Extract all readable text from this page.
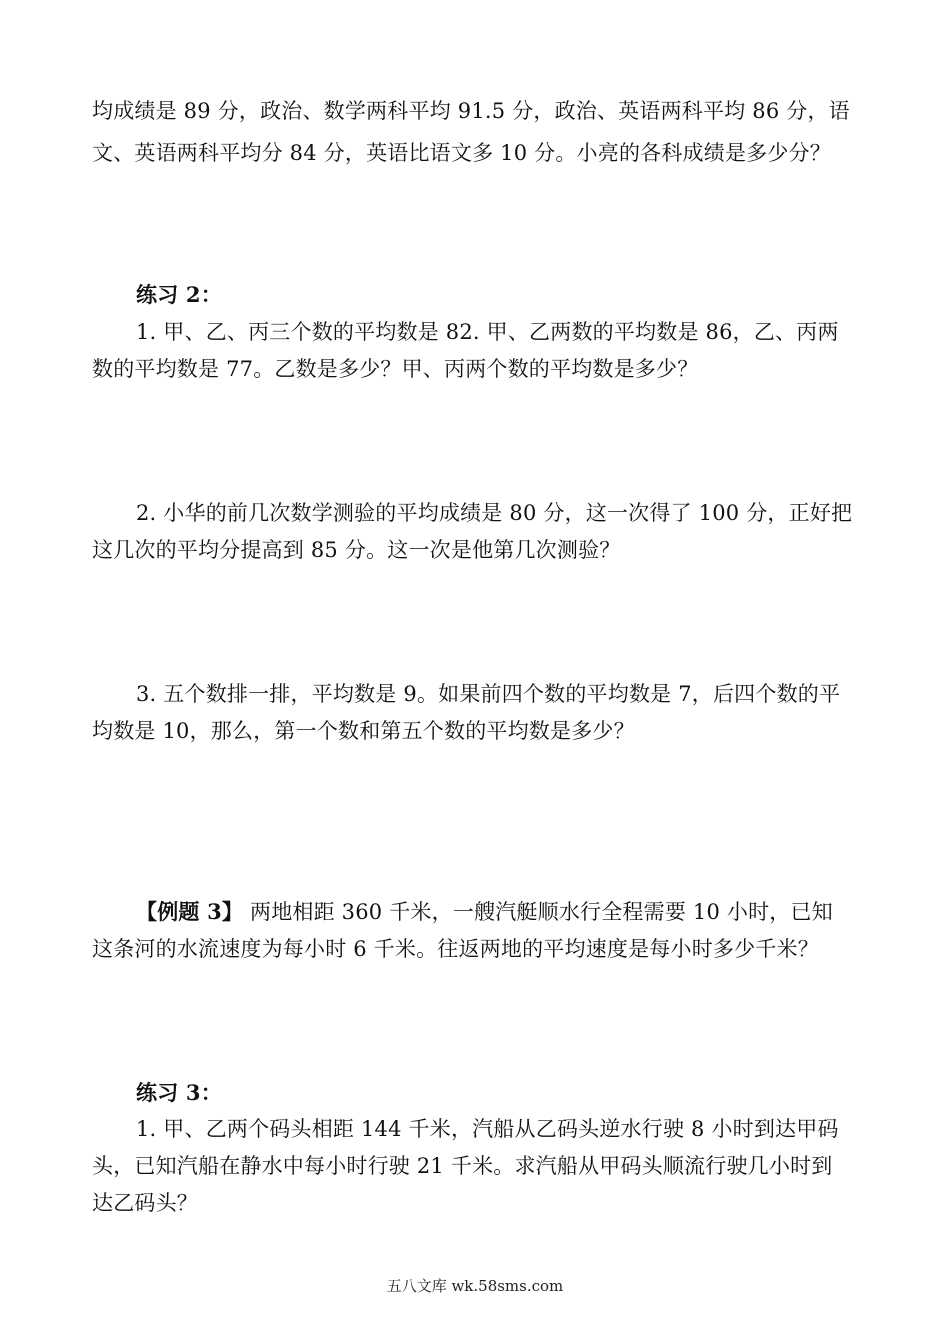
均成绩是 89 分，政治、数学两科平均 91.5 分，政治、英语两科平均 86 分，语
文、英语两科平均分 84 分，英语比语文多 10 分。小亮的各科成绩是多少分？
练习 2：
1. 甲、乙、丙三个数的平均数是 82. 甲、乙两数的平均数是 86，乙、丙两
数的平均数是 77。乙数是多少？甲、丙两个数的平均数是多少？
2. 小华的前几次数学测验的平均成绩是 80 分，这一次得了 100 分，正好把
这几次的平均分提高到 85 分。这一次是他第几次测验？
3. 五个数排一排，平均数是 9。如果前四个数的平均数是 7，后四个数的平
均数是 10，那么，第一个数和第五个数的平均数是多少？
【例题 3】 两地相距 360 千米，一艘汽艇顺水行全程需要 10 小时，已知
这条河的水流速度为每小时 6 千米。往返两地的平均速度是每小时多少千米？
练习 3：
1. 甲、乙两个码头相距 144 千米，汽船从乙码头逆水行驶 8 小时到达甲码
头，已知汽船在静水中每小时行驶 21 千米。求汽船从甲码头顺流行驶几小时到
达乙码头？
五八文库 wk.58sms.com
